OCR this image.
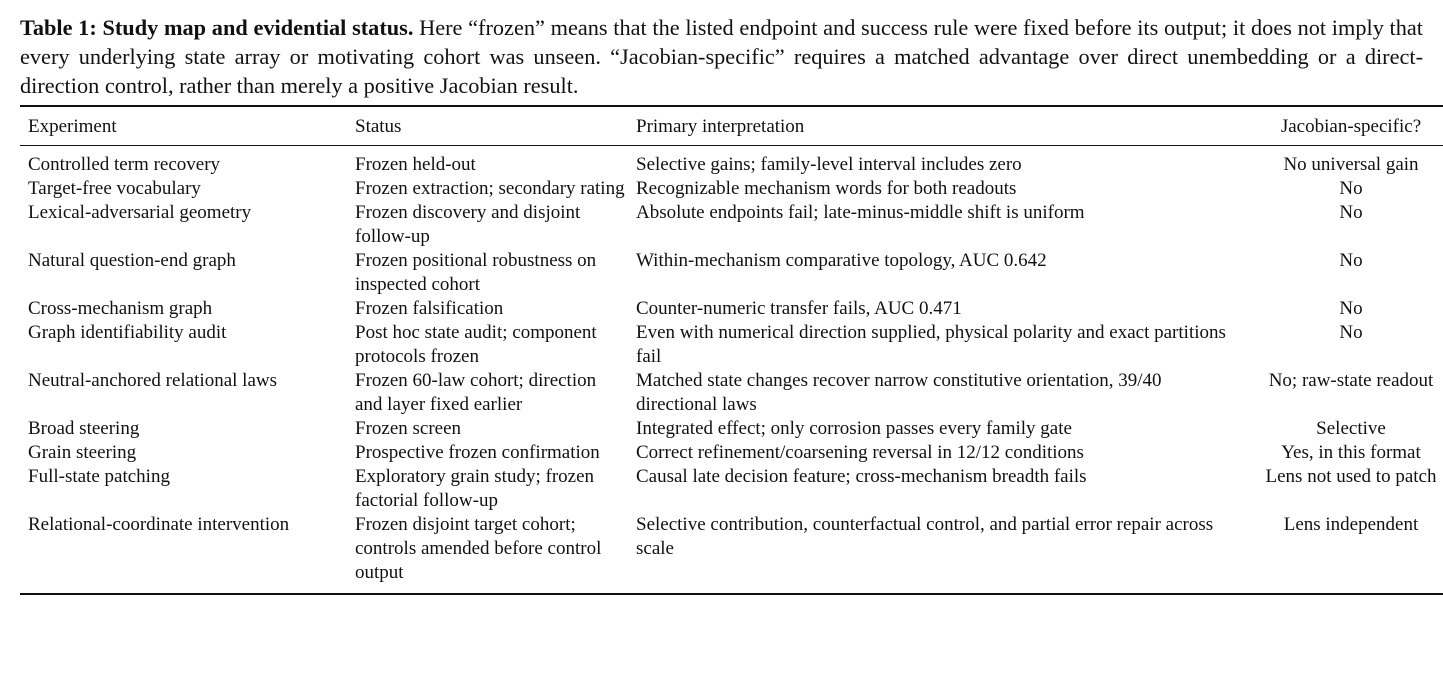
Table 1: Study map and evidential status. Here “frozen” means that the listed endpoint and success rule were fixed before its output; it does not imply that every underlying state array or motivating cohort was unseen. “Jacobian-specific” requires a matched advantage over direct unembedding or a direct-direction control, rather than merely a positive Jacobian result.

Experiment	Status	Primary interpretation	Jacobian-specific?
Controlled term recovery	Frozen held-out	Selective gains; family-level interval includes zero	No universal gain
Target-free vocabulary	Frozen extraction; secondary rating	Recognizable mechanism words for both readouts	No
Lexical-adversarial geometry	Frozen discovery and disjoint follow-up	Absolute endpoints fail; late-minus-middle shift is uniform	No
Natural question-end graph	Frozen positional robustness on inspected cohort	Within-mechanism comparative topology, AUC 0.642	No
Cross-mechanism graph	Frozen falsification	Counter-numeric transfer fails, AUC 0.471	No
Graph identifiability audit	Post hoc state audit; component protocols frozen	Even with numerical direction supplied, physical polarity and exact partitions fail	No
Neutral-anchored relational laws	Frozen 60-law cohort; direction and layer fixed earlier	Matched state changes recover narrow constitutive orientation, 39/40 directional laws	No; raw-state readout
Broad steering	Frozen screen	Integrated effect; only corrosion passes every family gate	Selective
Grain steering	Prospective frozen confirmation	Correct refinement/coarsening reversal in 12/12 conditions	Yes, in this format
Full-state patching	Exploratory grain study; frozen factorial follow-up	Causal late decision feature; cross-mechanism breadth fails	Lens not used to patch
Relational-coordinate intervention	Frozen disjoint target cohort; controls amended before control output	Selective contribution, counterfactual control, and partial error repair across scale	Lens independent
